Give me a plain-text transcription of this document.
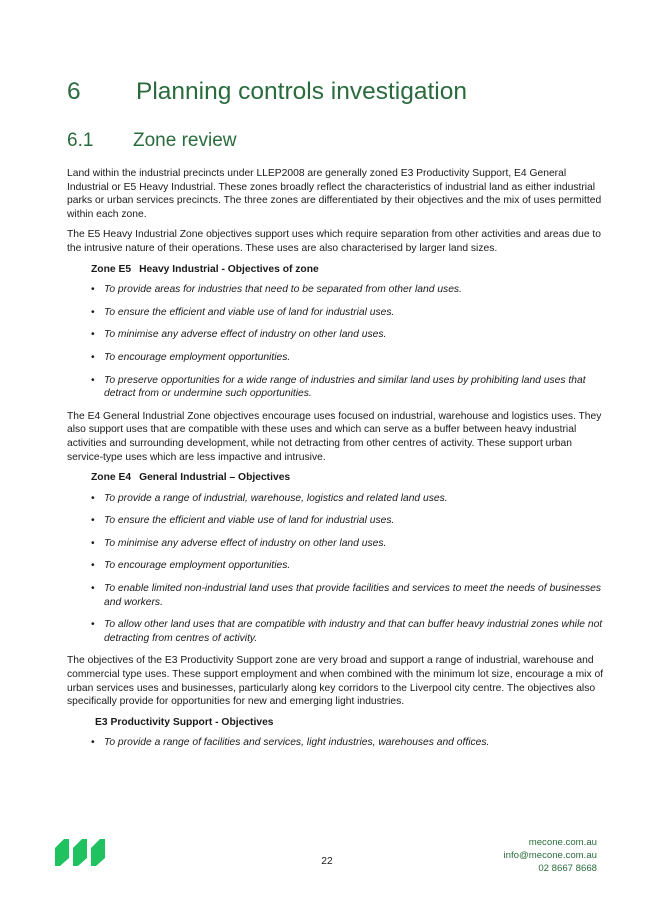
6 Planning controls investigation
6.1 Zone review

Land within the industrial precincts under LLEP2008 are generally zoned E3 Productivity Support, E4 General Industrial or E5 Heavy Industrial. These zones broadly reflect the characteristics of industrial land as either industrial parks or urban services precincts. The three zones are differentiated by their objectives and the mix of uses permitted within each zone.

The E5 Heavy Industrial Zone objectives support uses which require separation from other activities and areas due to the intrusive nature of their operations. These uses are also characterised by larger land sizes.

Zone E5 Heavy Industrial - Objectives of zone
• To provide areas for industries that need to be separated from other land uses.
• To ensure the efficient and viable use of land for industrial uses.
• To minimise any adverse effect of industry on other land uses.
• To encourage employment opportunities.
• To preserve opportunities for a wide range of industries and similar land uses by prohibiting land uses that detract from or undermine such opportunities.

The E4 General Industrial Zone objectives encourage uses focused on industrial, warehouse and logistics uses. They also support uses that are compatible with these uses and which can serve as a buffer between heavy industrial activities and surrounding development, while not detracting from other centres of activity. These support urban service-type uses which are less impactive and intrusive.

Zone E4 General Industrial – Objectives
• To provide a range of industrial, warehouse, logistics and related land uses.
• To ensure the efficient and viable use of land for industrial uses.
• To minimise any adverse effect of industry on other land uses.
• To encourage employment opportunities.
• To enable limited non-industrial land uses that provide facilities and services to meet the needs of businesses and workers.
• To allow other land uses that are compatible with industry and that can buffer heavy industrial zones while not detracting from centres of activity.

The objectives of the E3 Productivity Support zone are very broad and support a range of industrial, warehouse and commercial type uses. These support employment and when combined with the minimum lot size, encourage a mix of urban services uses and businesses, particularly along key corridors to the Liverpool city centre. The objectives also specifically provide for opportunities for new and emerging light industries.

E3 Productivity Support - Objectives
• To provide a range of facilities and services, light industries, warehouses and offices.
22
mecone.com.au
info@mecone.com.au
02 8667 8668
